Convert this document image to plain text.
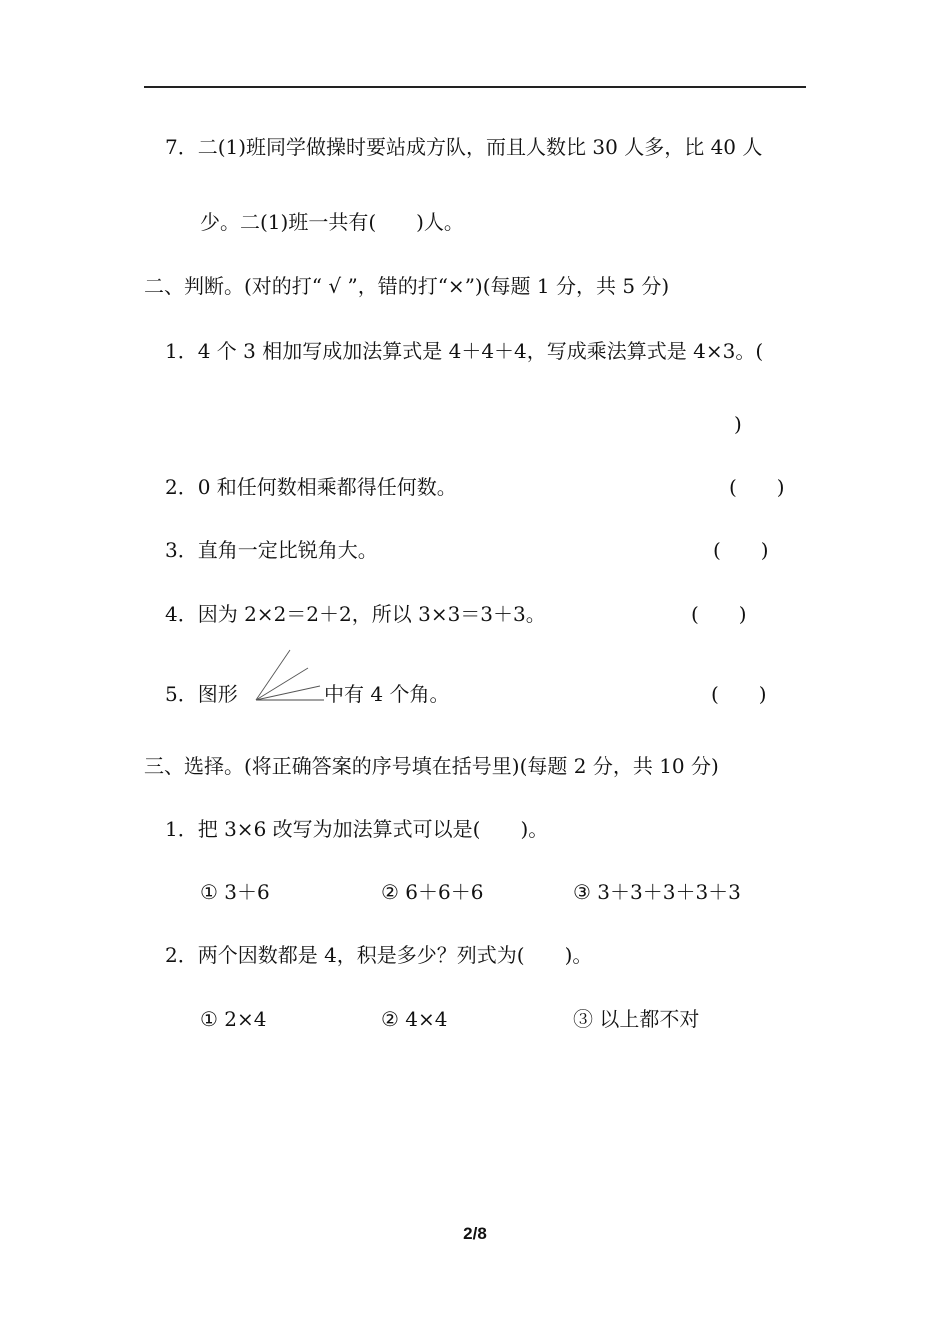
7．二(1)班同学做操时要站成方队，而且人数比 30 人多，比 40 人
少。二(1)班一共有(　　)人。
二、判断。(对的打“ √ ”，错的打“×”)(每题 1 分，共 5 分)
1．4 个 3 相加写成加法算式是 4＋4＋4，写成乘法算式是 4×3。(
)
2．0 和任何数相乘都得任何数。	(　　)
3．直角一定比锐角大。	(　　)
4．因为 2×2＝2＋2，所以 3×3＝3＋3。	(　　)
5．图形	中有 4 个角。	(　　)
三、选择。(将正确答案的序号填在括号里)(每题 2 分，共 10 分)
1．把 3×6 改写为加法算式可以是(　　)。
① 3＋6	② 6＋6＋6	③ 3＋3＋3＋3＋3
2．两个因数都是 4，积是多少？列式为(　　)。
① 2×4	② 4×4	③ 以上都不对
2/8
